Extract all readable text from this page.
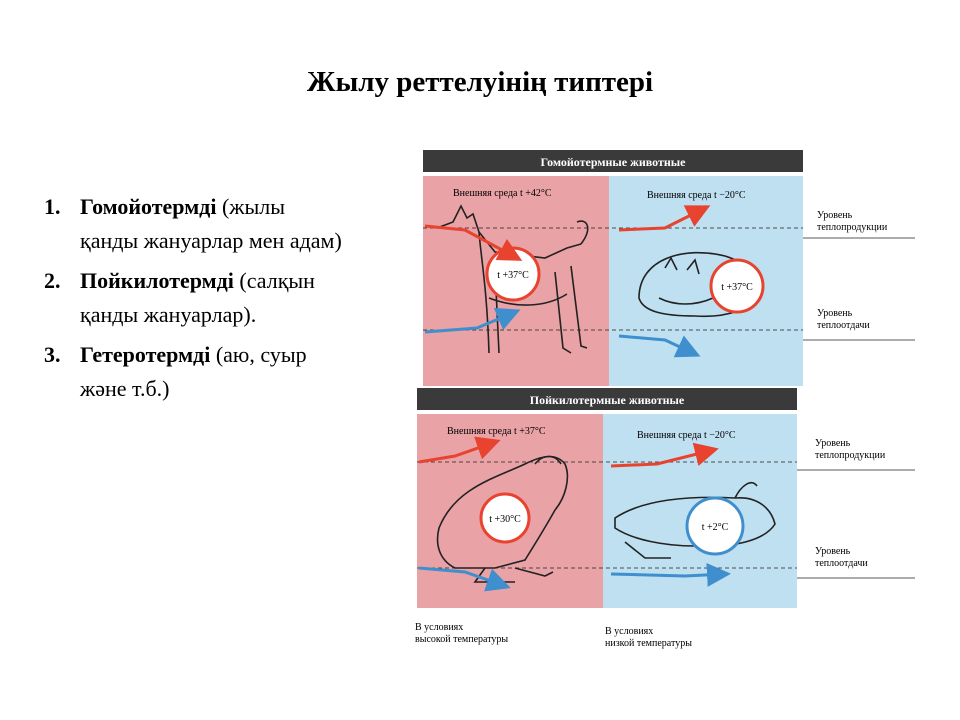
Жылу реттелуінің типтері
1. Гомойотермді (жылы қанды жануарлар мен адам)
2. Пойкилотермді (салқын қанды жануарлар).
3. Гетеротермді (аю, суыр және т.б.)
Гомойотермные животные
Внешняя среда t +42°C	Внешняя среда t −20°C
t +37°C
t +37°C
Уровень
теплопродукции
Уровень
теплоотдачи
Пойкилотермные животные
Внешняя среда t +37°C	Внешняя среда t −20°C
t +30°C
t +2°C
Уровень
теплопродукции
Уровень
теплоотдачи
В условиях
высокой температуры
В условиях
низкой температуры
